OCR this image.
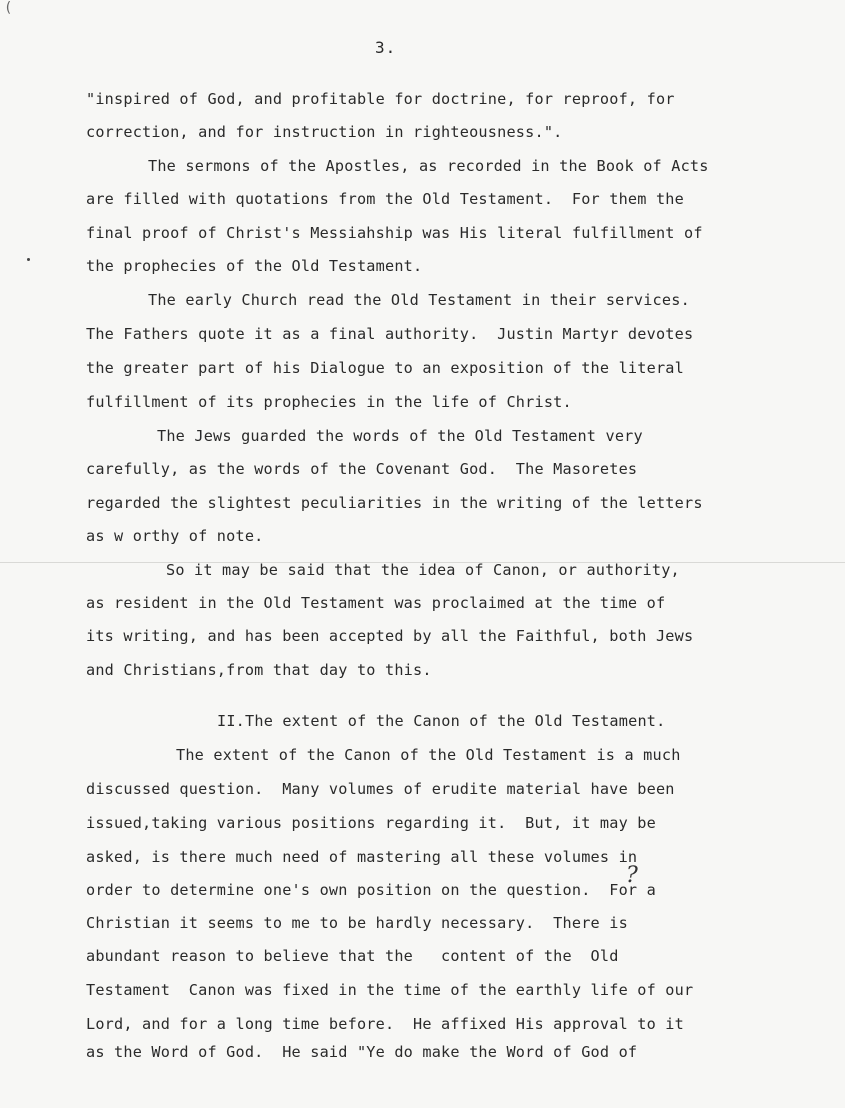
(
3.
"inspired of God, and profitable for doctrine, for reproof, for
correction, and for instruction in righteousness.".
The sermons of the Apostles, as recorded in the Book of Acts
are filled with quotations from the Old Testament.  For them the
final proof of Christ's Messiahship was His literal fulfillment of
the prophecies of the Old Testament.
The early Church read the Old Testament in their services.
The Fathers quote it as a final authority.  Justin Martyr devotes
the greater part of his Dialogue to an exposition of the literal
fulfillment of its prophecies in the life of Christ.
The Jews guarded the words of the Old Testament very
carefully, as the words of the Covenant God.  The Masoretes
regarded the slightest peculiarities in the writing of the letters
as w orthy of note.
So it may be said that the idea of Canon, or authority,
as resident in the Old Testament was proclaimed at the time of
its writing, and has been accepted by all the Faithful, both Jews
and Christians,from that day to this.
II.The extent of the Canon of the Old Testament.
The extent of the Canon of the Old Testament is a much
discussed question.  Many volumes of erudite material have been
issued,taking various positions regarding it.  But, it may be
asked, is there much need of mastering all these volumes in
order to determine one's own position on the question.  For a
Christian it seems to me to be hardly necessary.  There is
abundant reason to believe that the   content of the  Old
Testament  Canon was fixed in the time of the earthly life of our
Lord, and for a long time before.  He affixed His approval to it
as the Word of God.  He said "Ye do make the Word of God of
?
